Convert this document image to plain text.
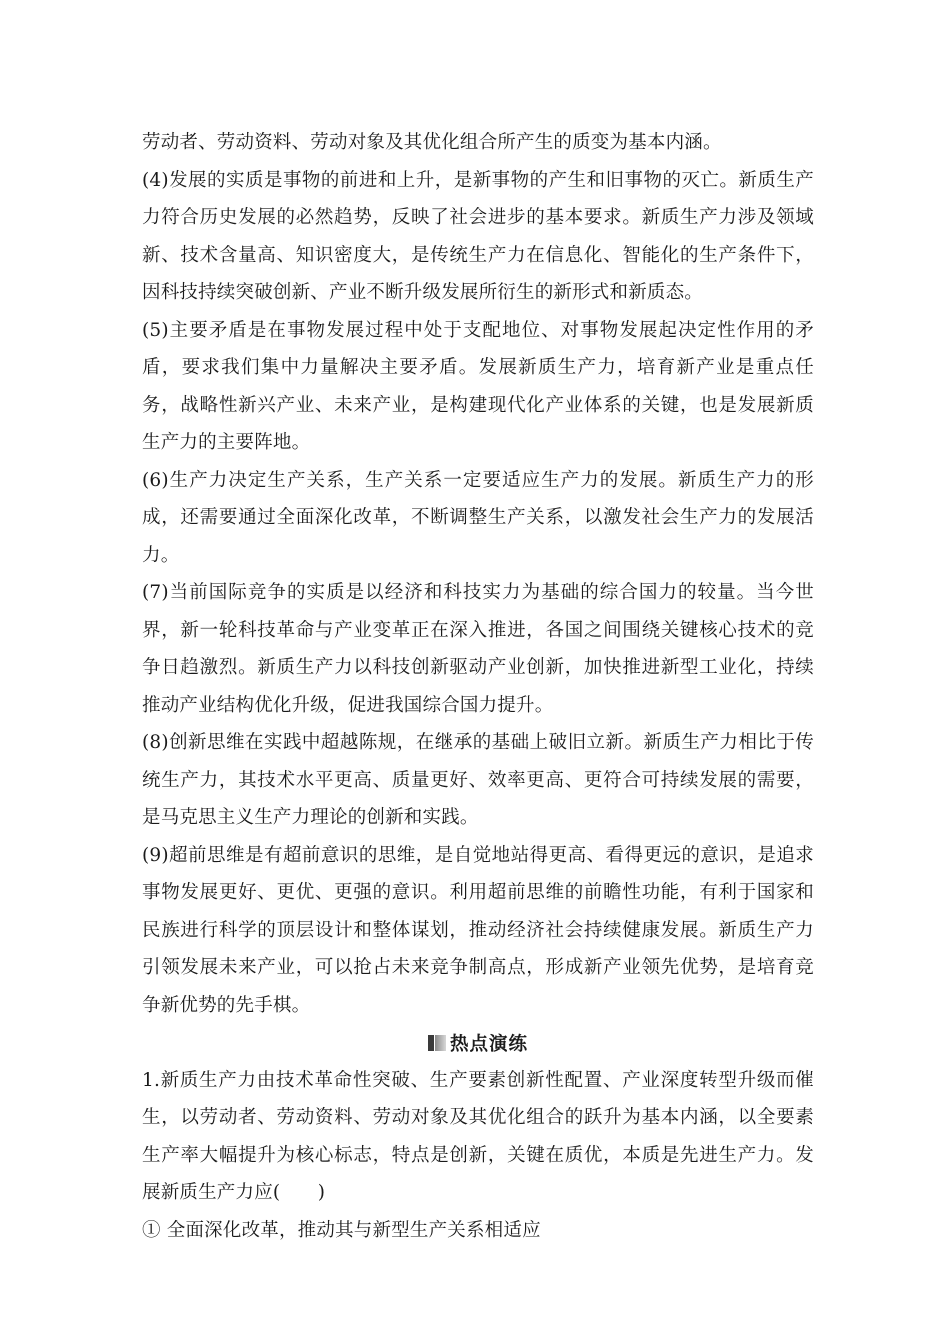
劳动者、劳动资料、劳动对象及其优化组合所产生的质变为基本内涵。

(4)发展的实质是事物的前进和上升，是新事物的产生和旧事物的灭亡。新质生产力符合历史发展的必然趋势，反映了社会进步的基本要求。新质生产力涉及领域新、技术含量高、知识密度大，是传统生产力在信息化、智能化的生产条件下，因科技持续突破创新、产业不断升级发展所衍生的新形式和新质态。

(5)主要矛盾是在事物发展过程中处于支配地位、对事物发展起决定性作用的矛盾，要求我们集中力量解决主要矛盾。发展新质生产力，培育新产业是重点任务，战略性新兴产业、未来产业，是构建现代化产业体系的关键，也是发展新质生产力的主要阵地。

(6)生产力决定生产关系，生产关系一定要适应生产力的发展。新质生产力的形成，还需要通过全面深化改革，不断调整生产关系，以激发社会生产力的发展活力。

(7)当前国际竞争的实质是以经济和科技实力为基础的综合国力的较量。当今世界，新一轮科技革命与产业变革正在深入推进，各国之间围绕关键核心技术的竞争日趋激烈。新质生产力以科技创新驱动产业创新，加快推进新型工业化，持续推动产业结构优化升级，促进我国综合国力提升。

(8)创新思维在实践中超越陈规，在继承的基础上破旧立新。新质生产力相比于传统生产力，其技术水平更高、质量更好、效率更高、更符合可持续发展的需要，是马克思主义生产力理论的创新和实践。

(9)超前思维是有超前意识的思维，是自觉地站得更高、看得更远的意识，是追求事物发展更好、更优、更强的意识。利用超前思维的前瞻性功能，有利于国家和民族进行科学的顶层设计和整体谋划，推动经济社会持续健康发展。新质生产力引领发展未来产业，可以抢占未来竞争制高点，形成新产业领先优势，是培育竞争新优势的先手棋。

热点演练

1.新质生产力由技术革命性突破、生产要素创新性配置、产业深度转型升级而催生，以劳动者、劳动资料、劳动对象及其优化组合的跃升为基本内涵，以全要素生产率大幅提升为核心标志，特点是创新，关键在质优，本质是先进生产力。发展新质生产力应(　　)

① 全面深化改革，推动其与新型生产关系相适应
